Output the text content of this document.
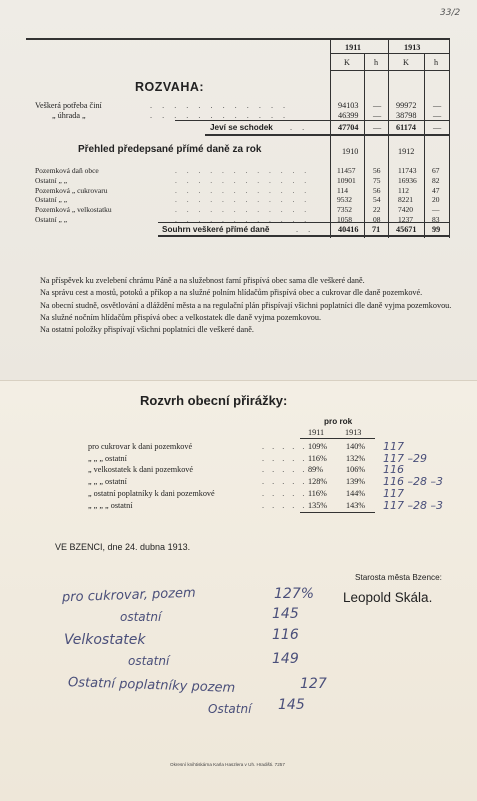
33/2
1911	1913
K	h	K	h
ROZVAHA:
Veškerá potřeba činí	. . . . . . . . . . . .	94103 — 99972 —
„ úhrada „	. . . . . . . . . . . .	46399 — 38798 —
Jeví se schodek . .	47704 — 61174 —
Přehled předepsané přímé daně za rok	1910	1912
Pozemková daň obce	. . . . . . . . . . . .	11457 56 11743 67
Ostatní „ „	. . . . . . . . . . . .	10901 75 16936 82
Pozemková „ cukrovaru	. . . . . . . . . . . .	114	56 112	47
Ostatní „ „	. . . . . . . . . . . .	9532	54 8221	20
Pozemková „ velkostatku	. . . . . . . . . . . .	7352	22 7420	—
Ostatní „ „	. . . . . . . . . . . .	1058	08 1237	83
Souhrn veškeré přímé daně	. .	40416 71 45671 99
Na příspěvek ku zvelebení chrámu Páně a na služebnost farní přispívá obec sama dle veškeré daně.
Na správu cest a mostů, potoků a příkop a na služné polním hlídačům přispívá obec a cukrovar dle daně pozemkové.
Na obecní studně, osvětlování a dláždění města a na regulační plán přispívají všichni poplatníci dle daně vyjma pozemkovou.
Na služné nočním hlídačům přispívá obec a velkostatek dle daně vyjma pozemkovou.
Na ostatní položky přispívají všichni poplatníci dle veškeré daně.
Rozvrh obecní přirážky:
pro rok
1911	1913
pro cukrovar k dani pozemkové	. . . . . 109% 140% 117
„ „ „ ostatní	. . . . . 116% 132% 117 –29
„ velkostatek k dani pozemkové	. . . . . 89%	106% 116
„ „ „ ostatní	. . . . . 128% 139% 116 –28 –3
„ ostatní poplatníky k dani pozemkové	. . . . . 116% 144% 117
„ „ „ „ ostatní	. . . . . 135% 143% 117 –28 –3
VE BZENCI, dne 24. dubna 1913.
Starosta města Bzence:
Leopold Skála.
pro cukrovar, pozem	127%
ostatní	145
Velkostatek	116
ostatní	149
Ostatní poplatníky pozem	127
Ostatní 145
Okresní knihtiskárna Karla Haszlera v Uh. Hradišti. 7257
